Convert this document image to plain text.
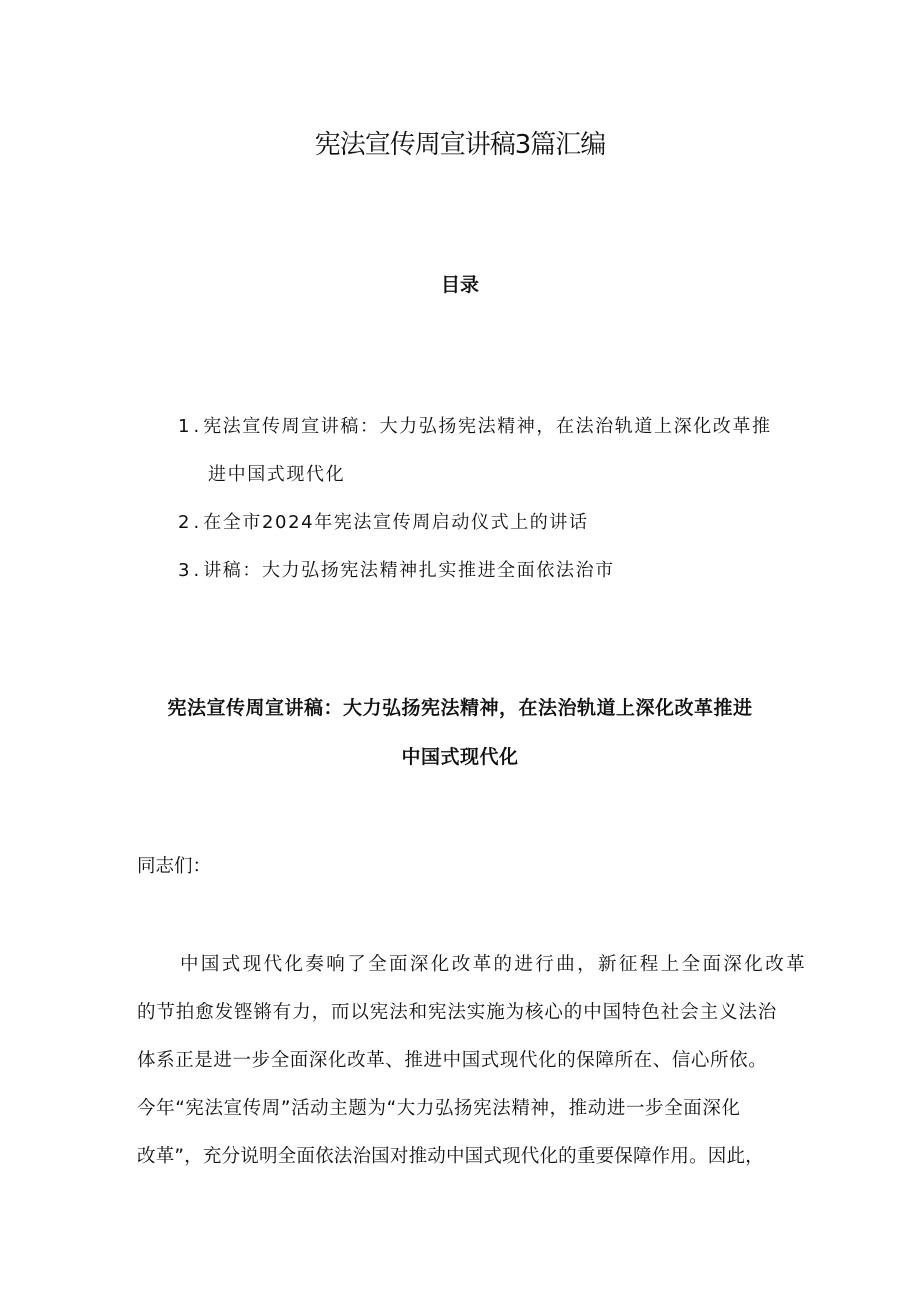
宪法宣传周宣讲稿3篇汇编
目录
1.宪法宣传周宣讲稿：大力弘扬宪法精神，在法治轨道上深化改革推
进中国式现代化
2.在全市2024年宪法宣传周启动仪式上的讲话
3.讲稿：大力弘扬宪法精神扎实推进全面依法治市
宪法宣传周宣讲稿：大力弘扬宪法精神，在法治轨道上深化改革推进
中国式现代化
同志们：
中国式现代化奏响了全面深化改革的进行曲，新征程上全面深化改革
的节拍愈发铿锵有力，而以宪法和宪法实施为核心的中国特色社会主义法治
体系正是进一步全面深化改革、推进中国式现代化的保障所在、信心所依。
今年“宪法宣传周”活动主题为“大力弘扬宪法精神，推动进一步全面深化
改革”，充分说明全面依法治国对推动中国式现代化的重要保障作用。因此，
